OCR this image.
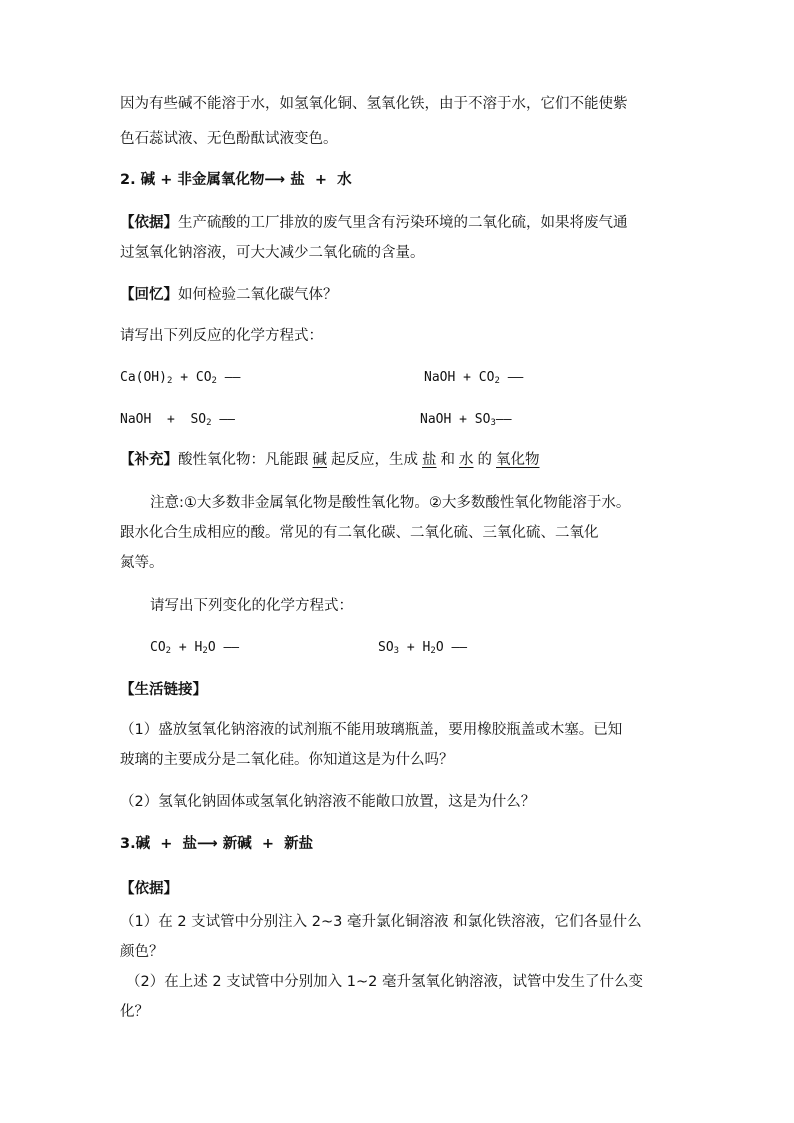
因为有些碱不能溶于水，如氢氧化铜、氢氧化铁，由于不溶于水，它们不能使紫
色石蕊试液、无色酚酞试液变色。
2. 碱 + 非金属氧化物⟶ 盐  +  水
【依据】生产硫酸的工厂排放的废气里含有污染环境的二氧化硫，如果将废气通
过氢氧化钠溶液，可大大减少二氧化硫的含量。
【回忆】如何检验二氧化碳气体？
请写出下列反应的化学方程式：
$Ca(OH)_2 + CO_2$ ——	NaOH + $CO_2$ ——
NaOH  +  $SO_2$ ——	NaOH + $SO_3——$
【补充】酸性氧化物：凡能跟 碱 起反应，生成 盐 和 水 的 氧化物
注意:①大多数非金属氧化物是酸性氧化物。②大多数酸性氧化物能溶于水。
跟水化合生成相应的酸。常见的有二氧化碳、二氧化硫、三氧化硫、二氧化
氮等。
请写出下列变化的化学方程式：
$CO_2 + H_2O$ ——	$SO_3 + H_2O$ ——
【生活链接】
（1）盛放氢氧化钠溶液的试剂瓶不能用玻璃瓶盖，要用橡胶瓶盖或木塞。已知
玻璃的主要成分是二氧化硅。你知道这是为什么吗？
（2）氢氧化钠固体或氢氧化钠溶液不能敞口放置，这是为什么？
3.碱  +  盐⟶ 新碱  +  新盐
【依据】
（1）在 2 支试管中分别注入 2~3 毫升氯化铜溶液 和氯化铁溶液，它们各显什么
颜色？
（2）在上述 2 支试管中分别加入 1~2 毫升氢氧化钠溶液，试管中发生了什么变
化？
